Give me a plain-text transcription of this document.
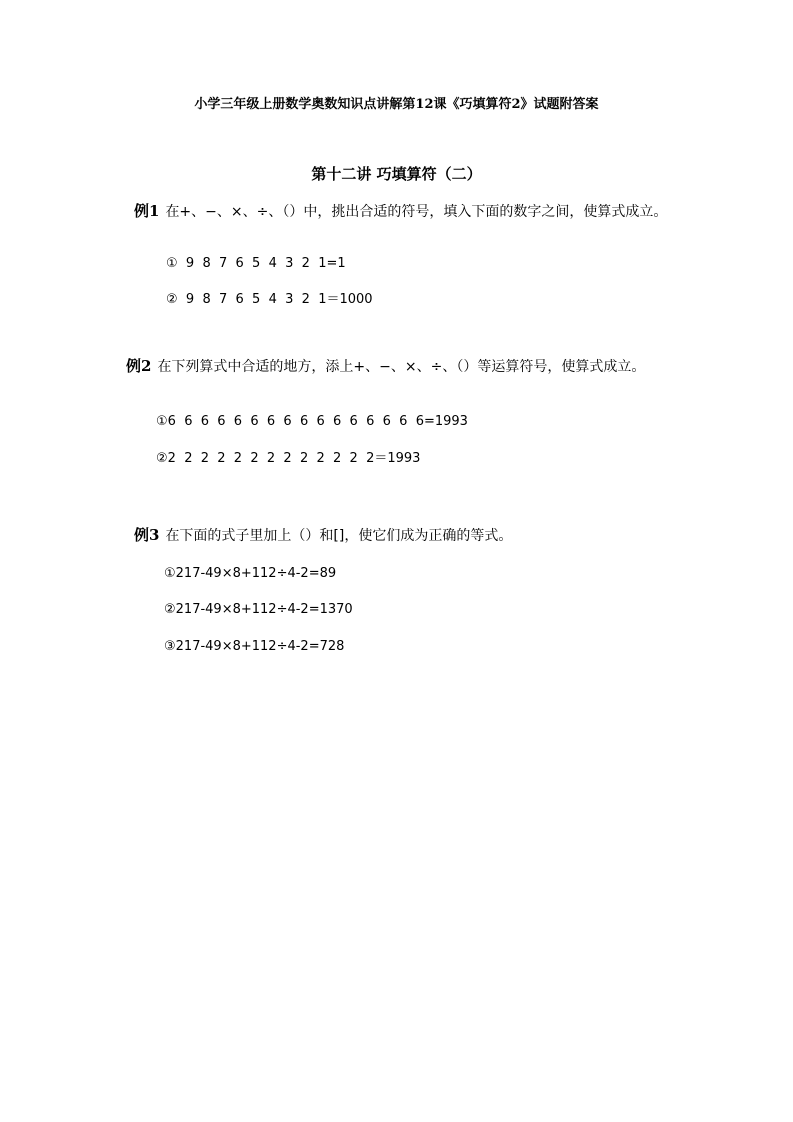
小学三年级上册数学奥数知识点讲解第12课《巧填算符2》试题附答案
第十二讲 巧填算符（二）
例1 在+、−、×、÷、（）中，挑出合适的符号，填入下面的数字之间，使算式成立。
①  9  8  7  6  5  4  3  2  1=1
②  9  8  7  6  5  4  3  2  1＝1000
例2 在下列算式中合适的地方，添上+、−、×、÷、（）等运算符号，使算式成立。
①6  6  6  6  6  6  6  6  6  6  6  6  6  6  6  6=1993
②2  2  2  2  2  2  2  2  2  2  2  2  2＝1993
例3 在下面的式子里加上（）和[]，使它们成为正确的等式。
①217-49×8+112÷4-2=89
②217-49×8+112÷4-2=1370
③217-49×8+112÷4-2=728
